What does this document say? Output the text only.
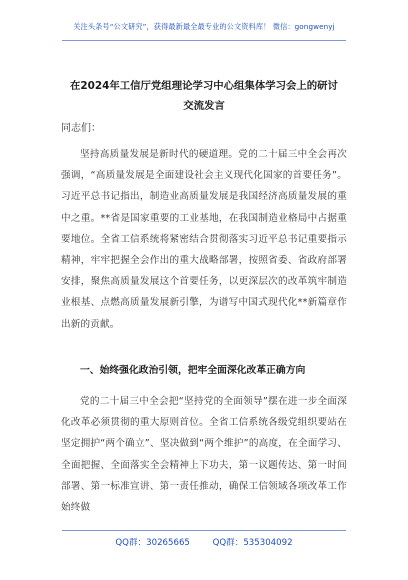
关注头条号“公文研究”，获得最新最全最专业的公文资料库！ 微信：gongwenyj
在2024年工信厅党组理论学习中心组集体学习会上的研讨
交流发言
同志们：
坚持高质量发展是新时代的硬道理。党的二十届三中全会再次强调，“高质量发展是全面建设社会主义现代化国家的首要任务”。习近平总书记指出，制造业高质量发展是我国经济高质量发展的重中之重。**省是国家重要的工业基地，在我国制造业格局中占据重要地位。全省工信系统将紧密结合贯彻落实习近平总书记重要指示精神，牢牢把握全会作出的重大战略部署，按照省委、省政府部署安排，聚焦高质量发展这个首要任务，以更深层次的改革筑牢制造业根基、点燃高质量发展新引擎，为谱写中国式现代化**新篇章作出新的贡献。
一、始终强化政治引领，把牢全面深化改革正确方向
党的二十届三中全会把“坚持党的全面领导”摆在进一步全面深化改革必须贯彻的重大原则首位。全省工信系统各级党组织要站在坚定拥护“两个确立”、坚决做到“两个维护”的高度，在全面学习、全面把握、全面落实全会精神上下功夫，第一议题传达、第一时间部署、第一标准宣讲、第一责任推动，确保工信领域各项改革工作始终做
QQ群：30265665	QQ群：535304092
